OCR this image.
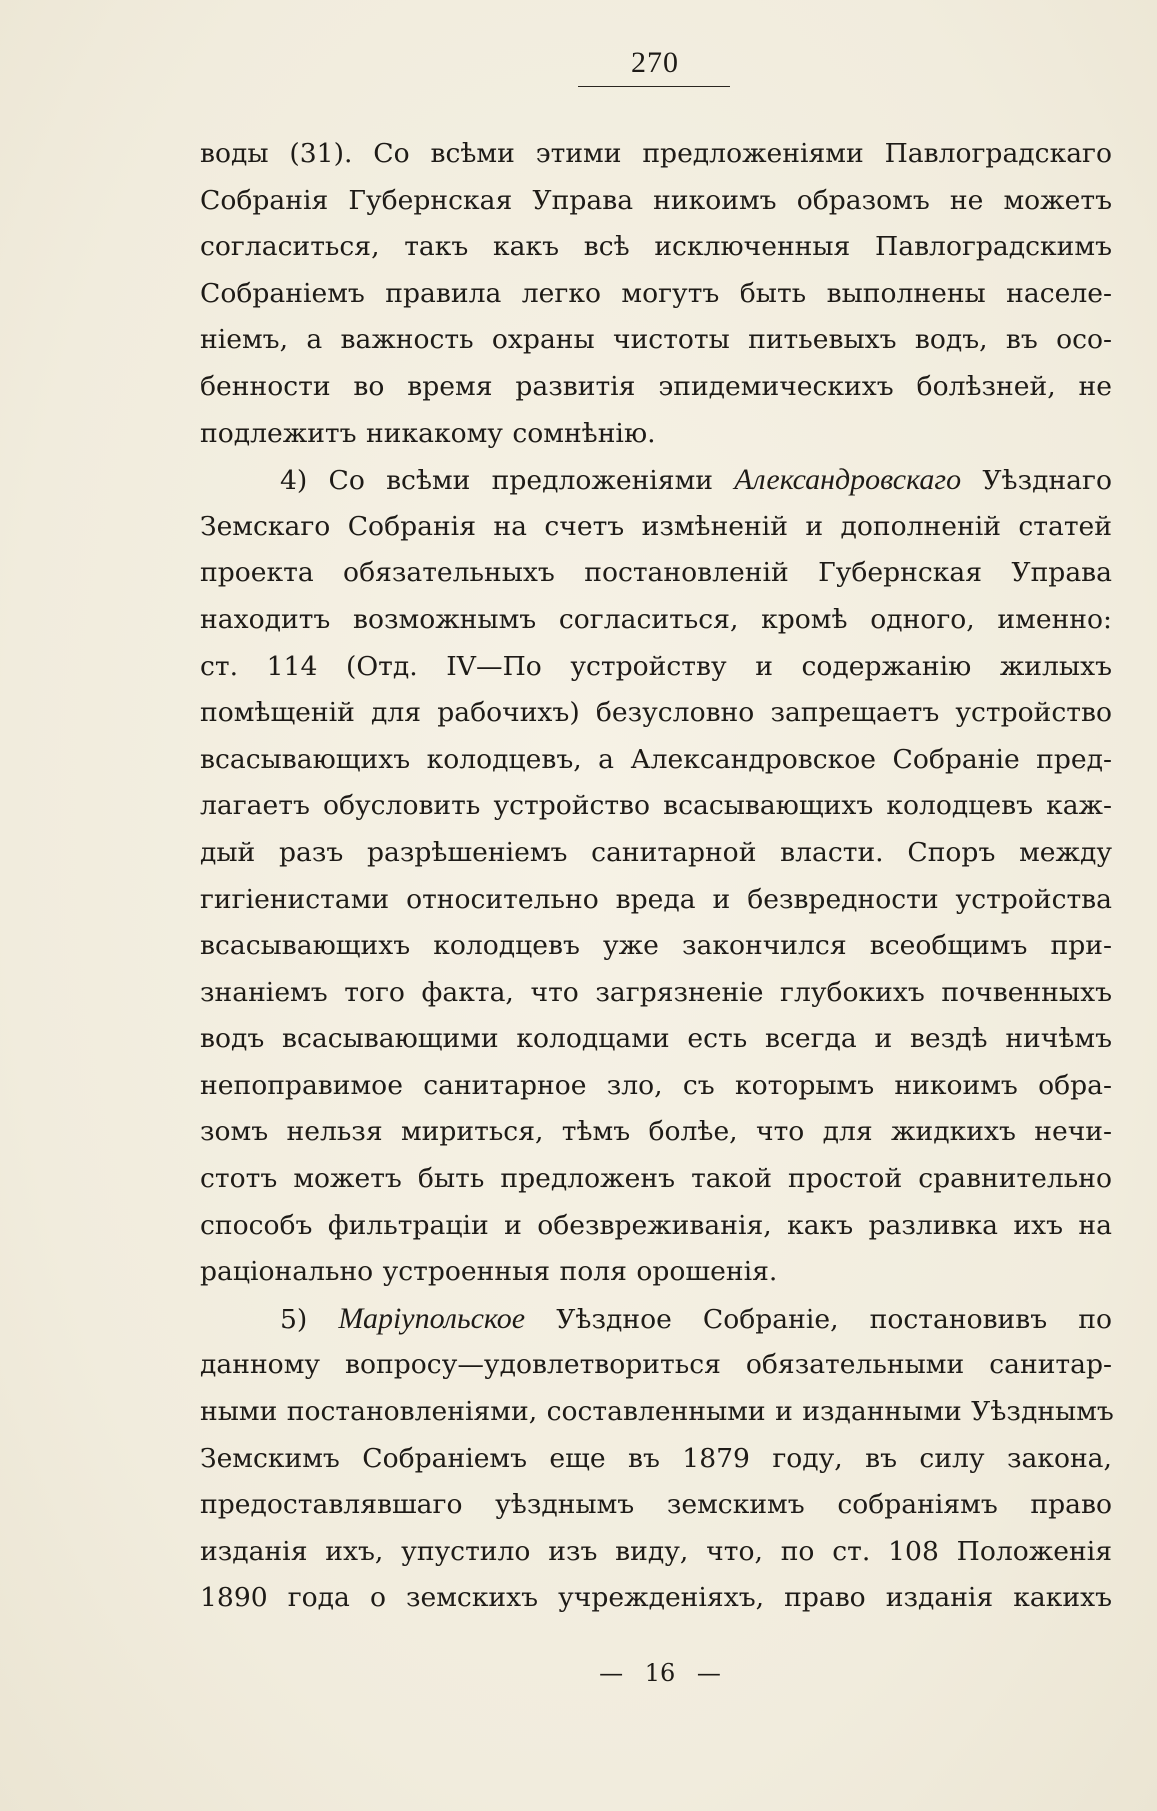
270
воды (31). Со всѣми этими предложеніями Павлоградскаго
Собранія Губернская Управа никоимъ образомъ не можетъ
согласиться, такъ какъ всѣ исключенныя Павлоградскимъ
Собраніемъ правила легко могутъ быть выполнены населе-
ніемъ, а важность охраны чистоты питьевыхъ водъ, въ осо-
бенности во время развитія эпидемическихъ болѣзней, не
подлежитъ никакому сомнѣнію.
4) Со всѣми предложеніями Александровскаго Уѣзднаго
Земскаго Собранія на счетъ измѣненій и дополненій статей
проекта обязательныхъ постановленій Губернская Управа
находитъ возможнымъ согласиться, кромѣ одного, именно:
ст. 114 (Отд. IV—По устройству и содержанію жилыхъ
помѣщеній для рабочихъ) безусловно запрещаетъ устройство
всасывающихъ колодцевъ, а Александровское Собраніе пред-
лагаетъ обусловить устройство всасывающихъ колодцевъ каж-
дый разъ разрѣшеніемъ санитарной власти. Споръ между
гигіенистами относительно вреда и безвредности устройства
всасывающихъ колодцевъ уже закончился всеобщимъ при-
знаніемъ того факта, что загрязненіе глубокихъ почвенныхъ
водъ всасывающими колодцами есть всегда и вездѣ ничѣмъ
непоправимое санитарное зло, съ которымъ никоимъ обра-
зомъ нельзя мириться, тѣмъ болѣе, что для жидкихъ нечи-
стотъ можетъ быть предложенъ такой простой сравнительно
способъ фильтраціи и обезвреживанія, какъ разливка ихъ на
раціонально устроенныя поля орошенія.
5) Маріупольское Уѣздное Собраніе, постановивъ по
данному вопросу—удовлетвориться обязательными санитар-
ными постановленіями, составленными и изданными Уѣзднымъ
Земскимъ Собраніемъ еще въ 1879 году, въ силу закона,
предоставлявшаго уѣзднымъ земскимъ собраніямъ право
изданія ихъ, упустило изъ виду, что, по ст. 108 Положенія
1890 года о земскихъ учрежденіяхъ, право изданія какихъ
— 16 —
